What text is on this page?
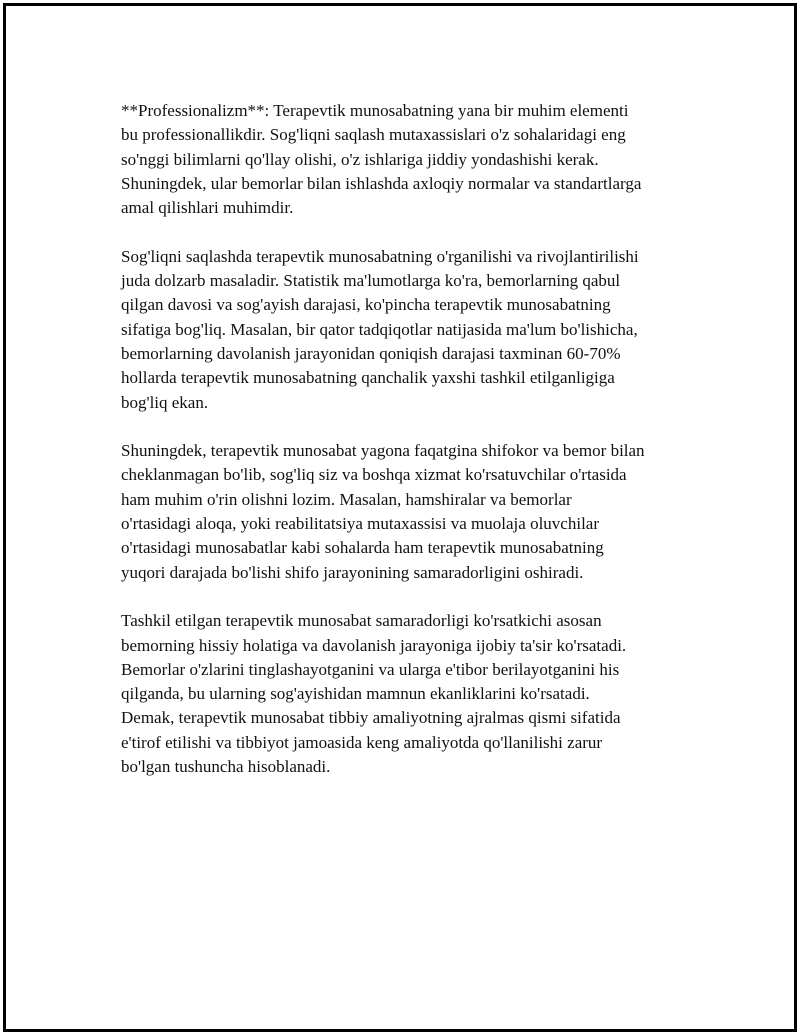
**Professionalizm**: Terapevtik munosabatning yana bir muhim elementi
bu professionallikdir. Sog'liqni saqlash mutaxassislari o'z sohalaridagi eng
so'nggi bilimlarni qo'llay olishi, o'z ishlariga jiddiy yondashishi kerak.
Shuningdek, ular bemorlar bilan ishlashda axloqiy normalar va standartlarga
amal qilishlari muhimdir.

Sog'liqni saqlashda terapevtik munosabatning o'rganilishi va rivojlantirilishi
juda dolzarb masaladir. Statistik ma'lumotlarga ko'ra, bemorlarning qabul
qilgan davosi va sog'ayish darajasi, ko'pincha terapevtik munosabatning
sifatiga bog'liq. Masalan, bir qator tadqiqotlar natijasida ma'lum bo'lishicha,
bemorlarning davolanish jarayonidan qoniqish darajasi taxminan 60-70%
hollarda terapevtik munosabatning qanchalik yaxshi tashkil etilganligiga
bog'liq ekan.

Shuningdek, terapevtik munosabat yagona faqatgina shifokor va bemor bilan
cheklanmagan bo'lib, sog'liq siz va boshqa xizmat ko'rsatuvchilar o'rtasida
ham muhim o'rin olishni lozim. Masalan, hamshiralar va bemorlar
o'rtasidagi aloqa, yoki reabilitatsiya mutaxassisi va muolaja oluvchilar
o'rtasidagi munosabatlar kabi sohalarda ham terapevtik munosabatning
yuqori darajada bo'lishi shifo jarayonining samaradorligini oshiradi.

Tashkil etilgan terapevtik munosabat samaradorligi ko'rsatkichi asosan
bemorning hissiy holatiga va davolanish jarayoniga ijobiy ta'sir ko'rsatadi.
Bemorlar o'zlarini tinglashayotganini va ularga e'tibor berilayotganini his
qilganda, bu ularning sog'ayishidan mamnun ekanliklarini ko'rsatadi.
Demak, terapevtik munosabat tibbiy amaliyotning ajralmas qismi sifatida
e'tirof etilishi va tibbiyot jamoasida keng amaliyotda qo'llanilishi zarur
bo'lgan tushuncha hisoblanadi.
